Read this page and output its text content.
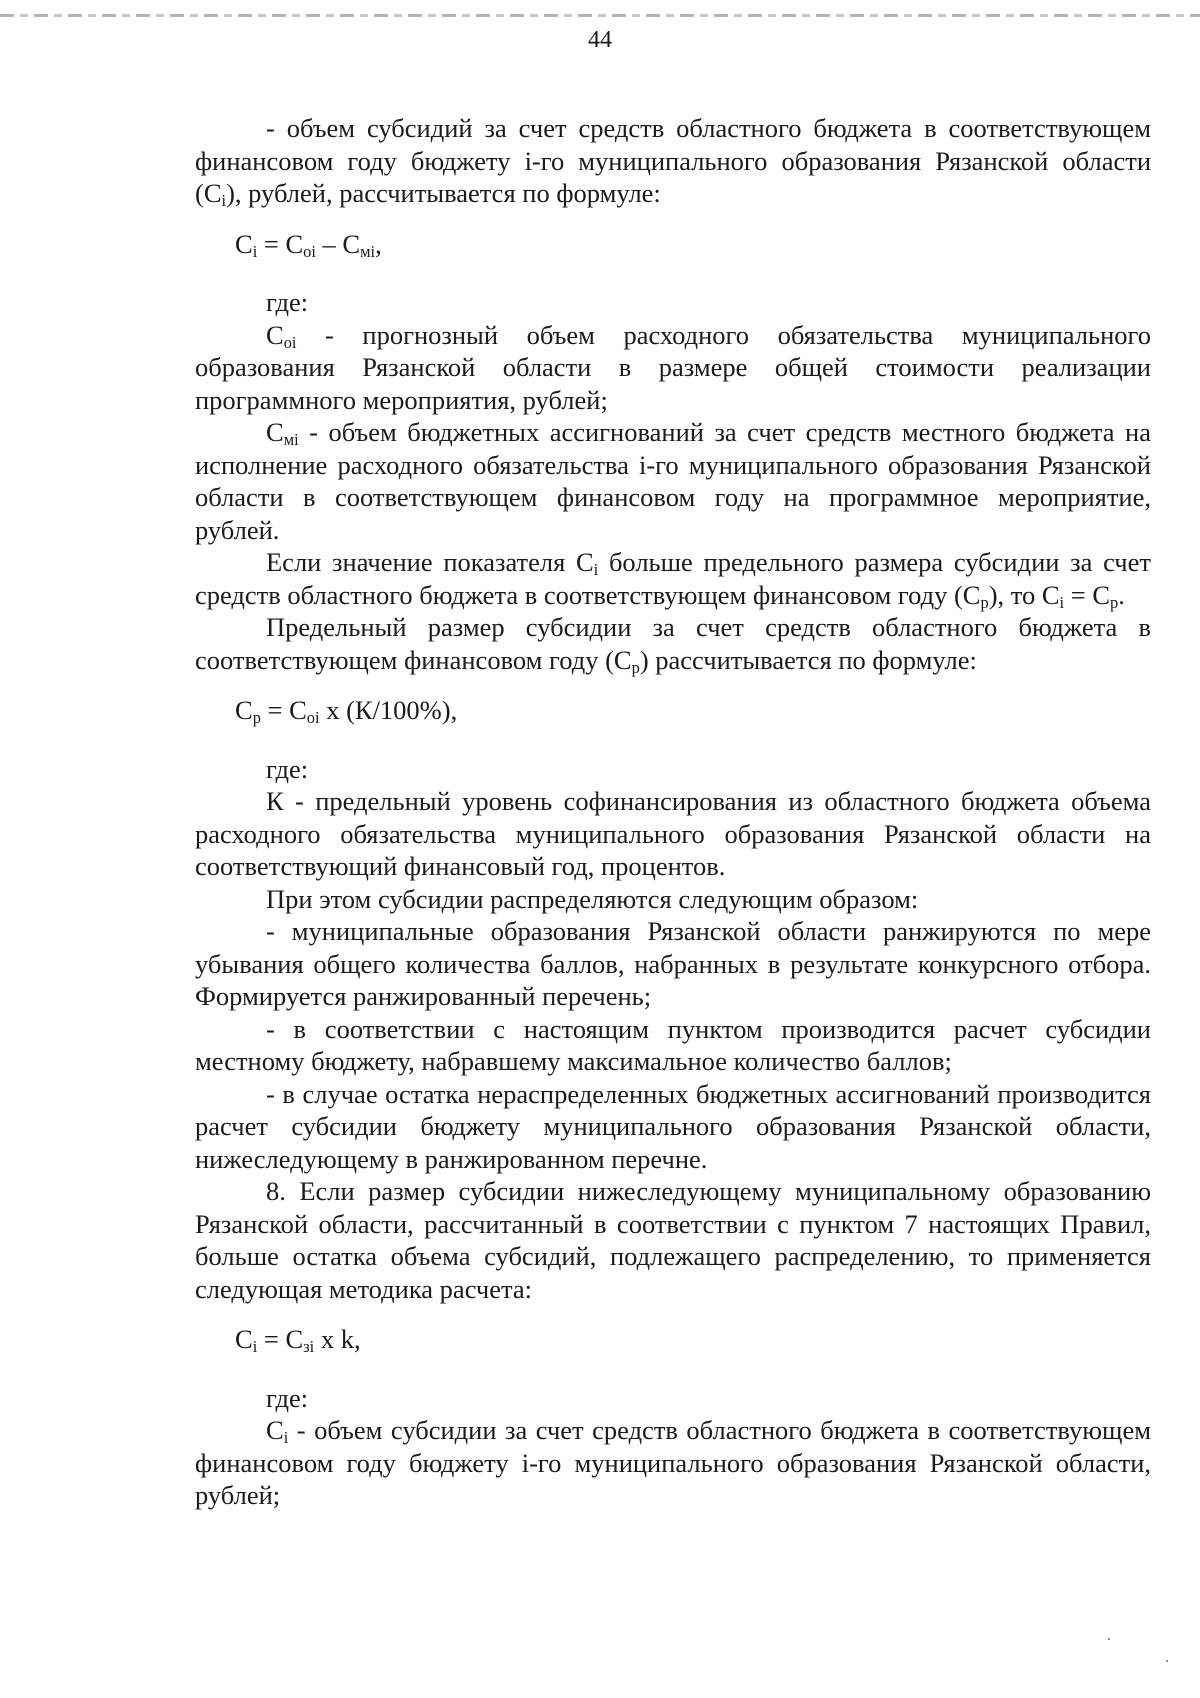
44

- объем субсидий за счет средств областного бюджета в соответствующем финансовом году бюджету i-го муниципального образования Рязанской области $(С_i)$, рублей, рассчитывается по формуле:

$С_i = С_{оi} - С_{мi}$,

где:

$С_{оi}$ - прогнозный объем расходного обязательства муниципального образования Рязанской области в размере общей стоимости реализации программного мероприятия, рублей;

$С_{мi}$ - объем бюджетных ассигнований за счет средств местного бюджета на исполнение расходного обязательства i-го муниципального образования Рязанской области в соответствующем финансовом году на программное мероприятие, рублей.

Если значение показателя $С_i$ больше предельного размера субсидии за счет средств областного бюджета в соответствующем финансовом году $(С_p)$, то $С_i = С_p$.

Предельный размер субсидии за счет средств областного бюджета в соответствующем финансовом году $(С_p)$ рассчитывается по формуле:

$С_p = С_{оi}$ х (К/100%),

где:

К - предельный уровень софинансирования из областного бюджета объема расходного обязательства муниципального образования Рязанской области на соответствующий финансовый год, процентов.

При этом субсидии распределяются следующим образом:

- муниципальные образования Рязанской области ранжируются по мере убывания общего количества баллов, набранных в результате конкурсного отбора. Формируется ранжированный перечень;

- в соответствии с настоящим пунктом производится расчет субсидии местному бюджету, набравшему максимальное количество баллов;

- в случае остатка нераспределенных бюджетных ассигнований производится расчет субсидии бюджету муниципального образования Рязанской области, нижеследующему в ранжированном перечне.

8. Если размер субсидии нижеследующему муниципальному образованию Рязанской области, рассчитанный в соответствии с пунктом 7 настоящих Правил, больше остатка объема субсидий, подлежащего распределению, то применяется следующая методика расчета:

$С_i = С_{зi}$ х k,

где:

$С_i$ - объем субсидии за счет средств областного бюджета в соответствующем финансовом году бюджету i-го муниципального образования Рязанской области, рублей;
